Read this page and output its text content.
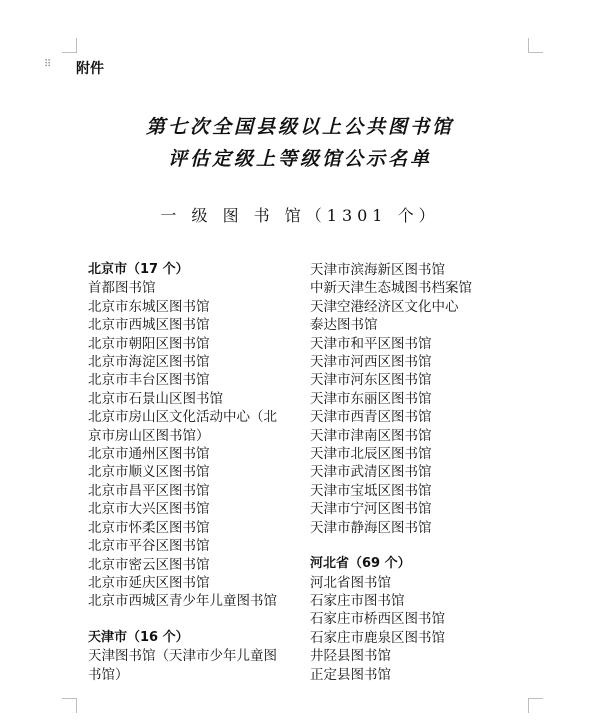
⠿ 附件
第七次全国县级以上公共图书馆
评估定级上等级馆公示名单
一 级 图 书 馆（1301 个）
北京市（17 个）
首都图书馆
北京市东城区图书馆
北京市西城区图书馆
北京市朝阳区图书馆
北京市海淀区图书馆
北京市丰台区图书馆
北京市石景山区图书馆
北京市房山区文化活动中心（北京市房山区图书馆）
北京市通州区图书馆
北京市顺义区图书馆
北京市昌平区图书馆
北京市大兴区图书馆
北京市怀柔区图书馆
北京市平谷区图书馆
北京市密云区图书馆
北京市延庆区图书馆
北京市西城区青少年儿童图书馆
天津市（16 个）
天津图书馆（天津市少年儿童图书馆）
天津市滨海新区图书馆
中新天津生态城图书档案馆
天津空港经济区文化中心
泰达图书馆
天津市和平区图书馆
天津市河西区图书馆
天津市河东区图书馆
天津市东丽区图书馆
天津市西青区图书馆
天津市津南区图书馆
天津市北辰区图书馆
天津市武清区图书馆
天津市宝坻区图书馆
天津市宁河区图书馆
天津市静海区图书馆
河北省（69 个）
河北省图书馆
石家庄市图书馆
石家庄市桥西区图书馆
石家庄市鹿泉区图书馆
井陉县图书馆
正定县图书馆
